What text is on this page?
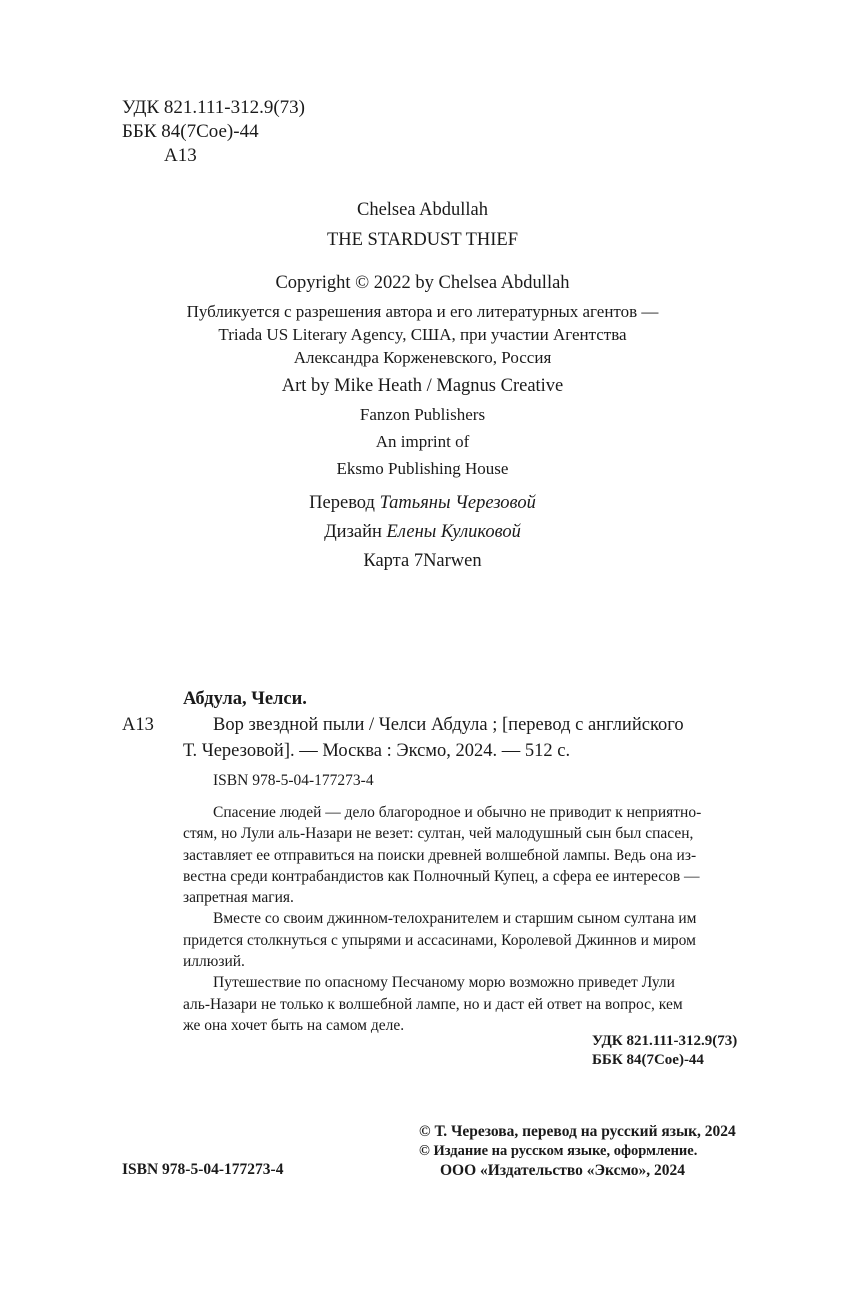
УДК 821.111-312.9(73)
ББК 84(7Сое)-44
А13
Chelsea Abdullah
THE STARDUST THIEF
Copyright © 2022 by Chelsea Abdullah
Публикуется с разрешения автора и его литературных агентов —
Triada US Literary Agency, США, при участии Агентства
Александра Корженевского, Россия
Art by Mike Heath / Magnus Creative
Fanzon Publishers
An imprint of
Eksmo Publishing House
Перевод Татьяны Черезовой
Дизайн Елены Куликовой
Карта 7Narwen
Абдула, Челси.
А13	Вор звездной пыли / Челси Абдула ; [перевод с английского
Т. Черезовой]. — Москва : Эксмо, 2024. — 512 с.
ISBN 978-5-04-177273-4
Спасение людей — дело благородное и обычно не приводит к неприятно-
стям, но Лули аль-Назари не везет: султан, чей малодушный сын был спасен,
заставляет ее отправиться на поиски древней волшебной лампы. Ведь она из-
вестна среди контрабандистов как Полночный Купец, а сфера ее интересов —
запретная магия.
Вместе со своим джинном-телохранителем и старшим сыном султана им
придется столкнуться с упырями и ассасинами, Королевой Джиннов и миром
иллюзий.
Путешествие по опасному Песчаному морю возможно приведет Лули
аль-Назари не только к волшебной лампе, но и даст ей ответ на вопрос, кем
же она хочет быть на самом деле.
УДК 821.111-312.9(73)
ББК 84(7Сое)-44
ISBN 978-5-04-177273-4
© Т. Черезова, перевод на русский язык, 2024
© Издание на русском языке, оформление.
ООО «Издательство «Эксмо», 2024
